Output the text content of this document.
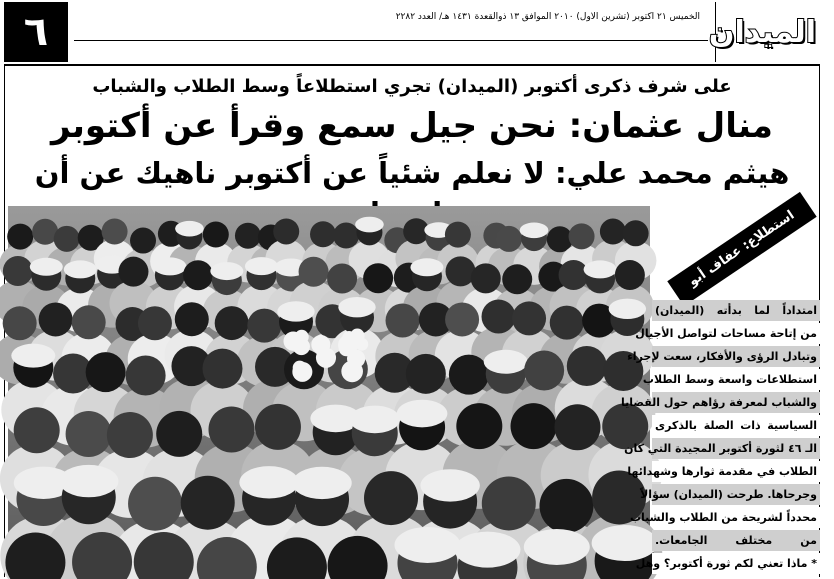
٦	الخميس ٢١ اكتوبر (تشرين الاول) ٢٠١٠ الموافق ١٣ ذوالقعدة ١٤٣١ هـ/ العدد ٢٢٨٢ الميدان
على شرف ذكرى أكتوبر (الميدان) تجري استطلاعاً وسط الطلاب والشباب
منال عثمان: نحن جيل سمع وقرأ عن أكتوبر
هيثم محمد علي: لا نعلم شئياً عن أكتوبر ناهيك عن أن
استطلاع: عفاف أبو كشوة
امتداداً لما بدأته (الميدان)
من إتاحة مساحات لتواصل الأجيال
وتبادل الرؤى والأفكار، سعت لإجراء
استطلاعات واسعة وسط الطلاب
والشباب لمعرفة رؤاهم حول القضايا
السياسية ذات الصلة بالذكرى
الـ ٤٦ لثورة أكتوبر المجيدة التي كان
الطلاب في مقدمة ثوارها وشهدائها
وجرحاها. طرحت (الميدان) سؤالاً
محدداً لشريحة من الطلاب والشباب
من مختلف الجامعات.
* ماذا تعني لكم ثورة أكتوبر؟ وهل
